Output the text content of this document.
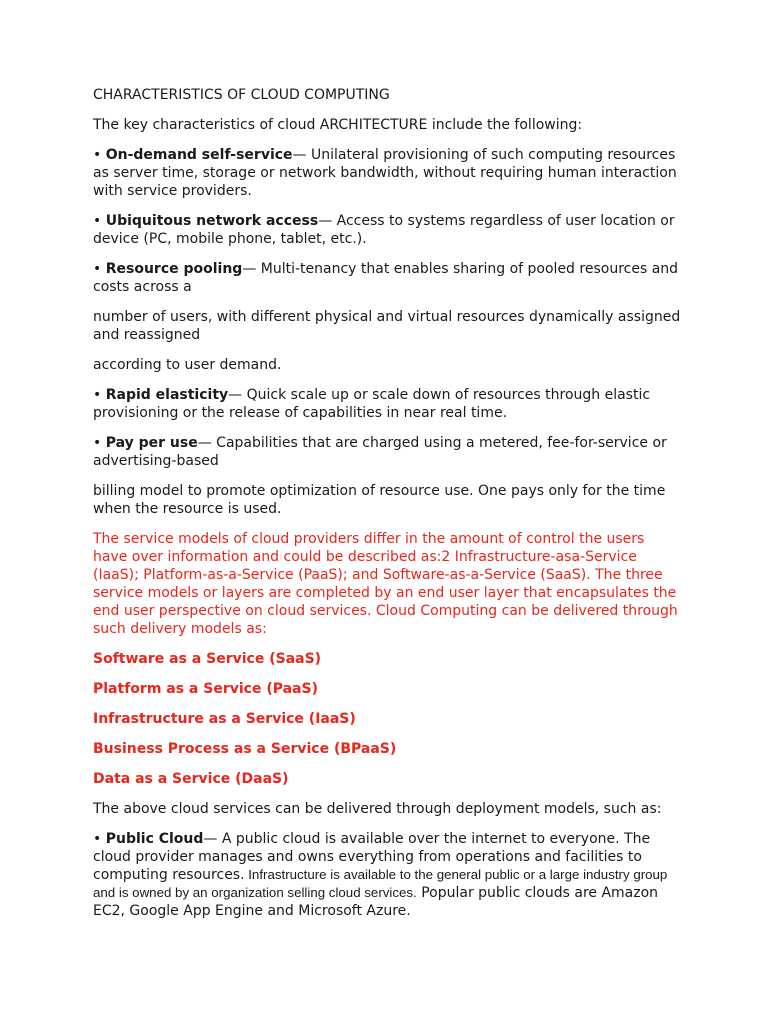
CHARACTERISTICS OF CLOUD COMPUTING

The key characteristics of cloud ARCHITECTURE include the following:

• On-demand self-service— Unilateral provisioning of such computing resources as server time, storage or network bandwidth, without requiring human interaction with service providers.

• Ubiquitous network access— Access to systems regardless of user location or device (PC, mobile phone, tablet, etc.).

• Resource pooling— Multi-tenancy that enables sharing of pooled resources and costs across a

number of users, with different physical and virtual resources dynamically assigned and reassigned

according to user demand.

• Rapid elasticity— Quick scale up or scale down of resources through elastic provisioning or the release of capabilities in near real time.

• Pay per use— Capabilities that are charged using a metered, fee-for-service or advertising-based

billing model to promote optimization of resource use. One pays only for the time when the resource is used.

The service models of cloud providers differ in the amount of control the users have over information and could be described as:2 Infrastructure-asa-Service (IaaS); Platform-as-a-Service (PaaS); and Software-as-a-Service (SaaS). The three service models or layers are completed by an end user layer that encapsulates the end user perspective on cloud services. Cloud Computing can be delivered through such delivery models as:

Software as a Service (SaaS)

Platform as a Service (PaaS)

Infrastructure as a Service (IaaS)

Business Process as a Service (BPaaS)

Data as a Service (DaaS)

The above cloud services can be delivered through deployment models, such as:

• Public Cloud— A public cloud is available over the internet to everyone. The cloud provider manages and owns everything from operations and facilities to computing resources. Infrastructure is available to the general public or a large industry group and is owned by an organization selling cloud services. Popular public clouds are Amazon EC2, Google App Engine and Microsoft Azure.
